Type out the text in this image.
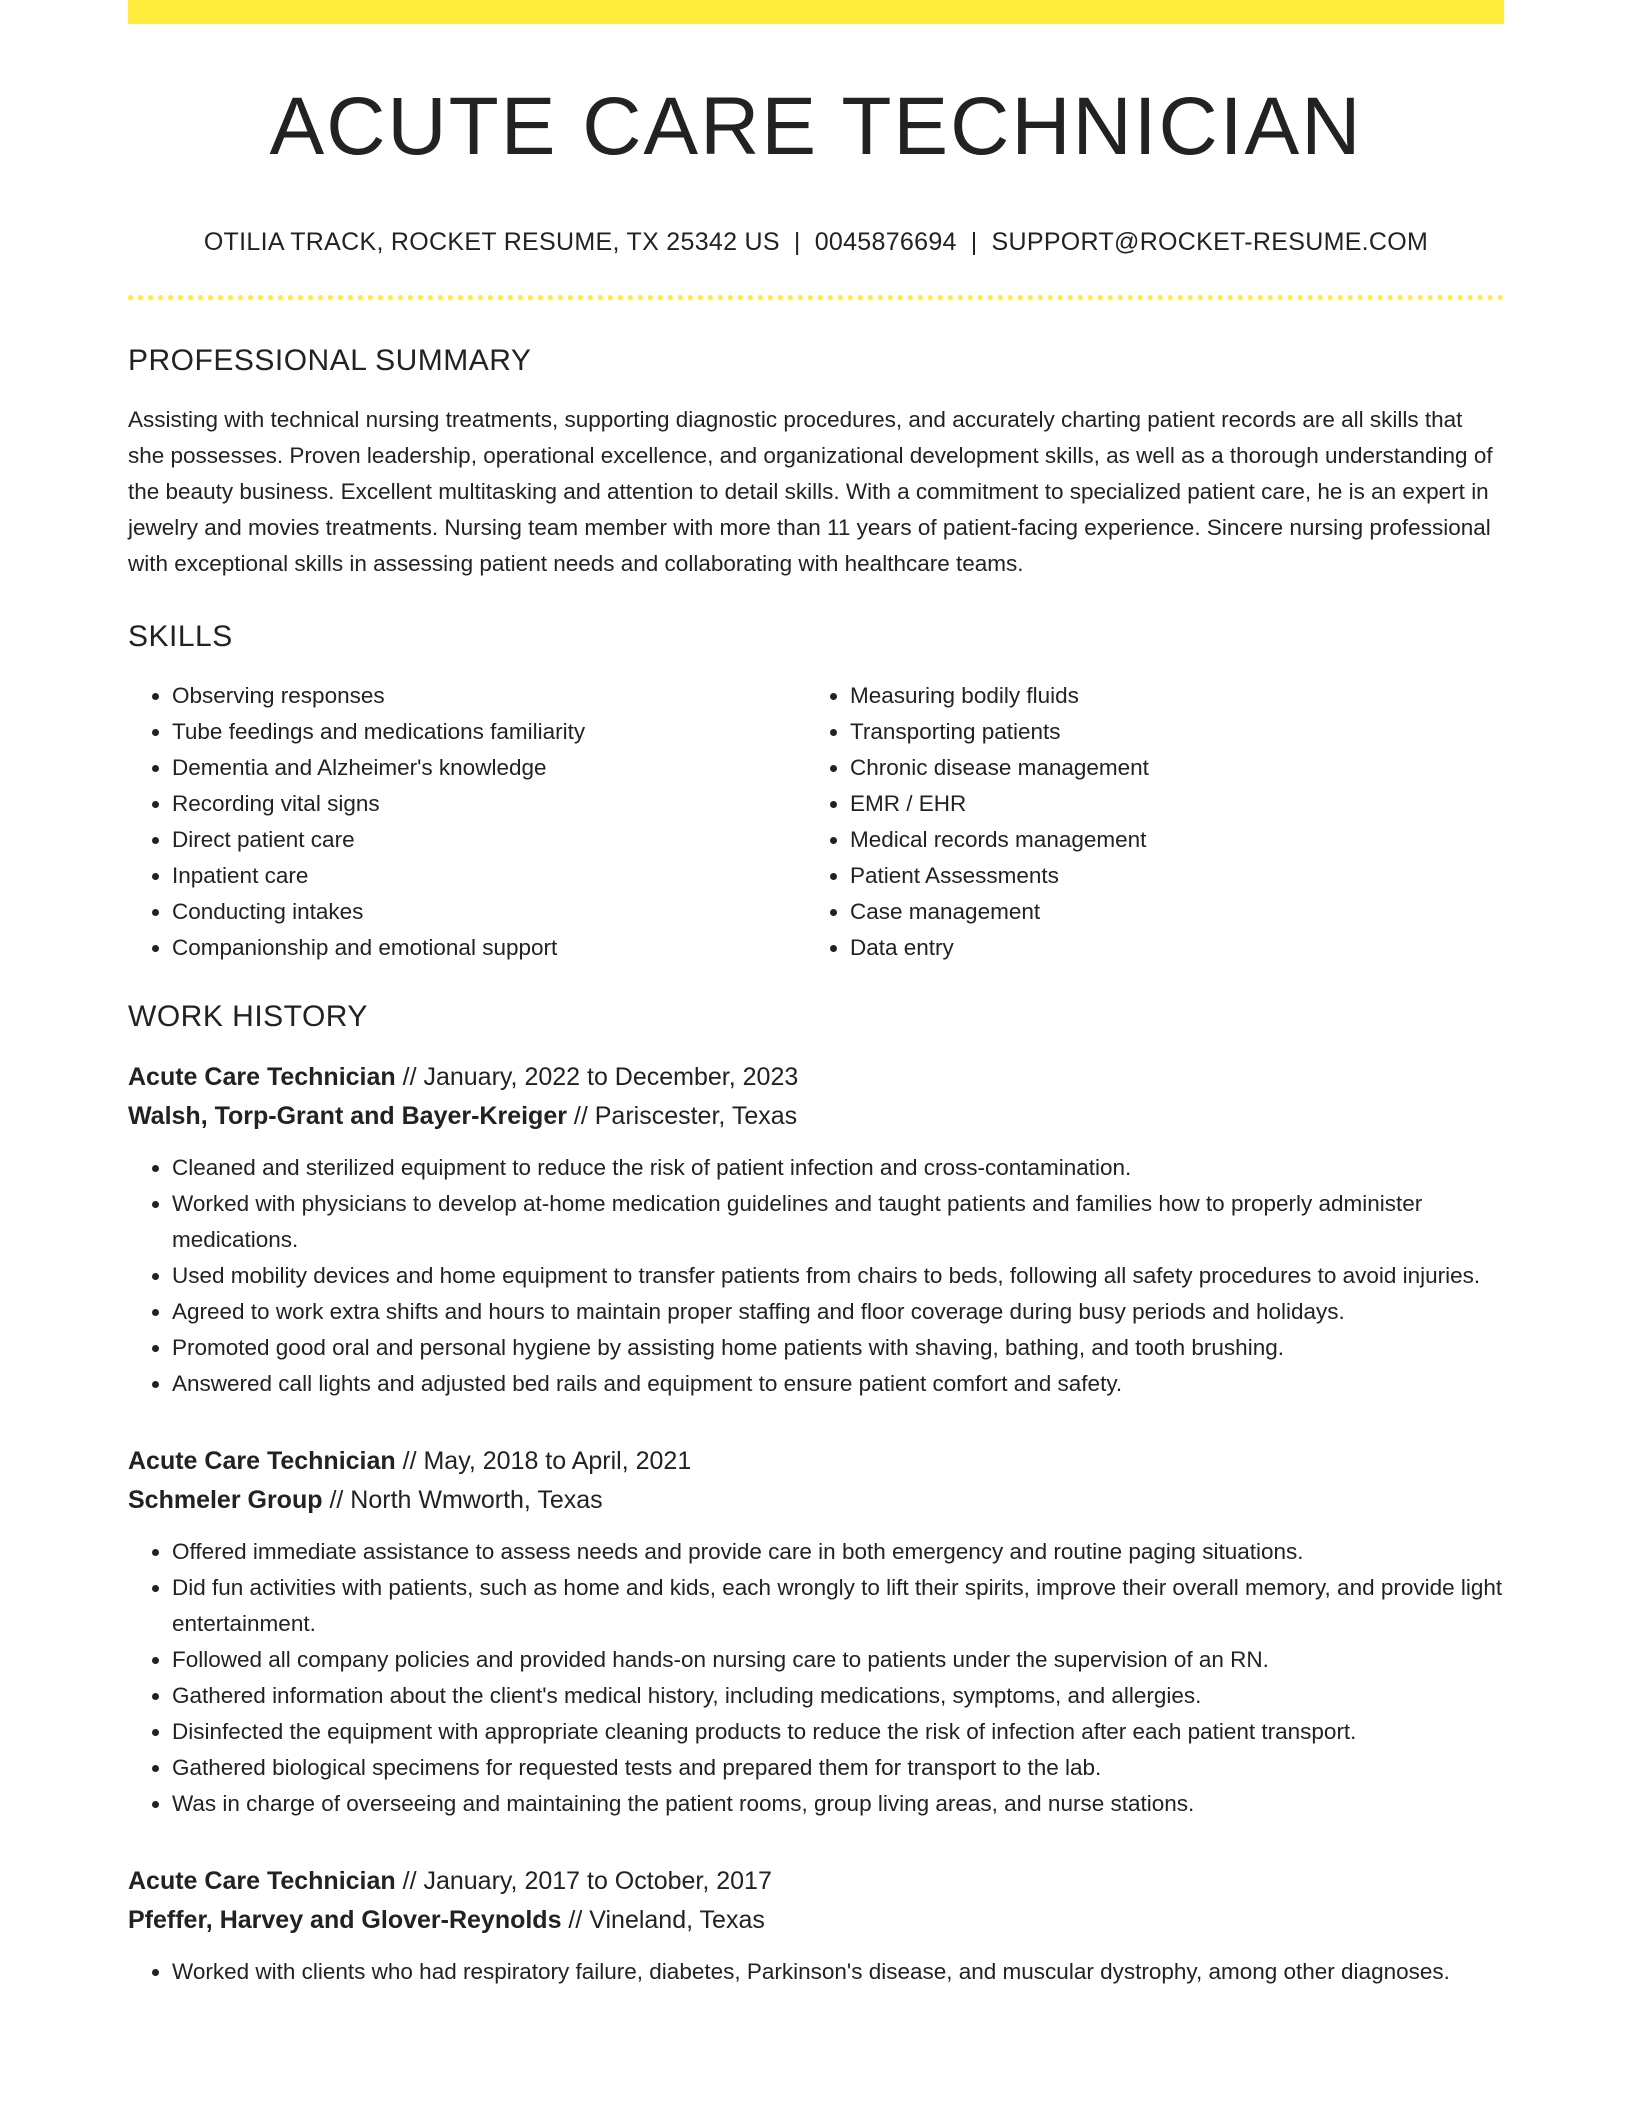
ACUTE CARE TECHNICIAN
OTILIA TRACK, ROCKET RESUME, TX 25342 US | 0045876694 | SUPPORT@ROCKET-RESUME.COM
PROFESSIONAL SUMMARY
Assisting with technical nursing treatments, supporting diagnostic procedures, and accurately charting patient records are all skills that she possesses. Proven leadership, operational excellence, and organizational development skills, as well as a thorough understanding of the beauty business. Excellent multitasking and attention to detail skills. With a commitment to specialized patient care, he is an expert in jewelry and movies treatments. Nursing team member with more than 11 years of patient-facing experience. Sincere nursing professional with exceptional skills in assessing patient needs and collaborating with healthcare teams.
SKILLS
• Observing responses
• Tube feedings and medications familiarity
• Dementia and Alzheimer's knowledge
• Recording vital signs
• Direct patient care
• Inpatient care
• Conducting intakes
• Companionship and emotional support
• Measuring bodily fluids
• Transporting patients
• Chronic disease management
• EMR / EHR
• Medical records management
• Patient Assessments
• Case management
• Data entry
WORK HISTORY
Acute Care Technician // January, 2022 to December, 2023
Walsh, Torp-Grant and Bayer-Kreiger // Pariscester, Texas
• Cleaned and sterilized equipment to reduce the risk of patient infection and cross-contamination.
• Worked with physicians to develop at-home medication guidelines and taught patients and families how to properly administer medications.
• Used mobility devices and home equipment to transfer patients from chairs to beds, following all safety procedures to avoid injuries.
• Agreed to work extra shifts and hours to maintain proper staffing and floor coverage during busy periods and holidays.
• Promoted good oral and personal hygiene by assisting home patients with shaving, bathing, and tooth brushing.
• Answered call lights and adjusted bed rails and equipment to ensure patient comfort and safety.
Acute Care Technician // May, 2018 to April, 2021
Schmeler Group // North Wmworth, Texas
• Offered immediate assistance to assess needs and provide care in both emergency and routine paging situations.
• Did fun activities with patients, such as home and kids, each wrongly to lift their spirits, improve their overall memory, and provide light entertainment.
• Followed all company policies and provided hands-on nursing care to patients under the supervision of an RN.
• Gathered information about the client's medical history, including medications, symptoms, and allergies.
• Disinfected the equipment with appropriate cleaning products to reduce the risk of infection after each patient transport.
• Gathered biological specimens for requested tests and prepared them for transport to the lab.
• Was in charge of overseeing and maintaining the patient rooms, group living areas, and nurse stations.
Acute Care Technician // January, 2017 to October, 2017
Pfeffer, Harvey and Glover-Reynolds // Vineland, Texas
• Worked with clients who had respiratory failure, diabetes, Parkinson's disease, and muscular dystrophy, among other diagnoses.
